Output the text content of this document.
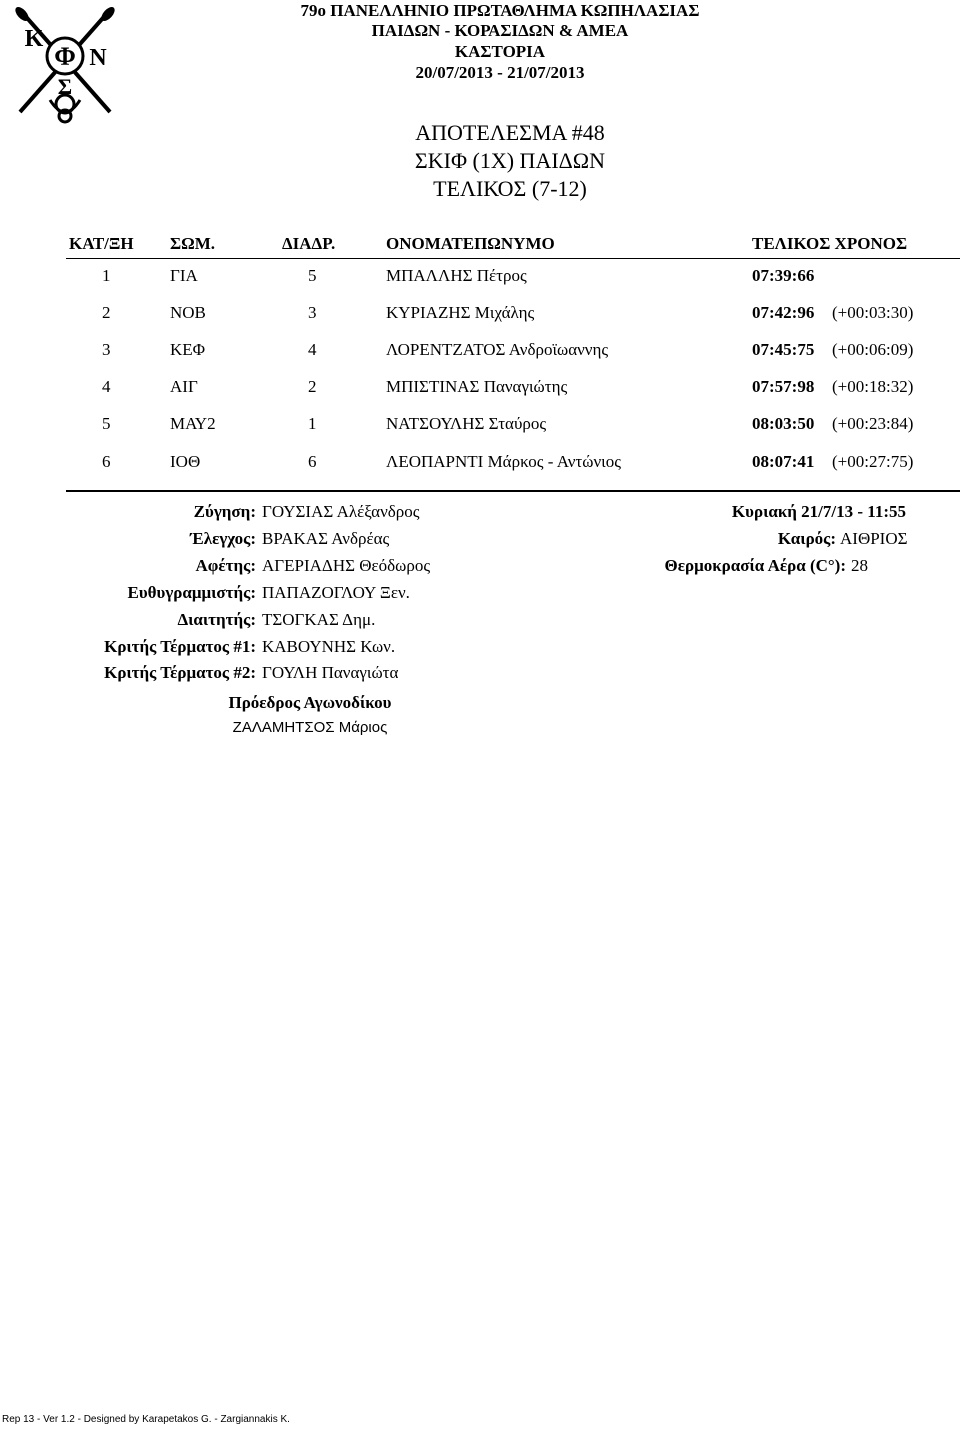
Κ
Φ Ν
Σ
79ο ΠΑΝΕΛΛΗΝΙΟ ΠΡΩΤΑΘΛΗΜΑ ΚΩΠΗΛΑΣΙΑΣ
ΠΑΙΔΩΝ - ΚΟΡΑΣΙΔΩΝ & ΑΜΕΑ
ΚΑΣΤΟΡΙΑ
20/07/2013 - 21/07/2013
ΑΠΟΤΕΛΕΣΜΑ #48
ΣΚΙΦ (1Χ) ΠΑΙΔΩΝ
ΤΕΛΙΚΟΣ (7-12)
ΚΑΤ/ΞΗ ΣΩΜ.	ΔΙΑΔΡ.	ΟΝΟΜΑΤΕΠΩΝΥΜΟ	ΤΕΛΙΚΟΣ ΧΡΟΝΟΣ
1	ΓΙΑ	5	ΜΠΑΛΛΗΣ Πέτρος	07:39:66
2	ΝΟΒ	3	ΚΥΡΙΑΖΗΣ Μιχάλης	07:42:96 (+00:03:30)
3	ΚΕΦ	4	ΛΟΡΕΝΤΖΑΤΟΣ Ανδροϊωαννης	07:45:75 (+00:06:09)
4	ΑΙΓ	2	ΜΠΙΣΤΙΝΑΣ Παναγιώτης	07:57:98 (+00:18:32)
5	ΜΑΥ2	1	ΝΑΤΣΟΥΛΗΣ Σταύρος	08:03:50 (+00:23:84)
6	ΙΟΘ	6	ΛΕΟΠΑΡΝΤΙ Μάρκος - Αντώνιος	08:07:41 (+00:27:75)
Ζύγηση: ΓΟΥΣΙΑΣ Αλέξανδρος
Έλεγχος: ΒΡΑΚΑΣ Ανδρέας
Αφέτης: ΑΓΕΡΙΑΔΗΣ Θεόδωρος
Ευθυγραμμιστής: ΠΑΠΑΖΟΓΛΟΥ Ξεν.
Διαιτητής: ΤΣΟΓΚΑΣ Δημ.
Κριτής Τέρματος #1: ΚΑΒΟΥΝΗΣ Κων.
Κριτής Τέρματος #2: ΓΟΥΛΗ Παναγιώτα
Κυριακή 21/7/13 - 11:55
Καιρός: ΑΙΘΡΙΟΣ
Θερμοκρασία Αέρα (C°): 28
Πρόεδρος Αγωνοδίκου
ΖΑΛΑΜΗΤΣΟΣ Μάριος
Rep 13 - Ver 1.2 - Designed by Karapetakos G. - Zargiannakis K.
